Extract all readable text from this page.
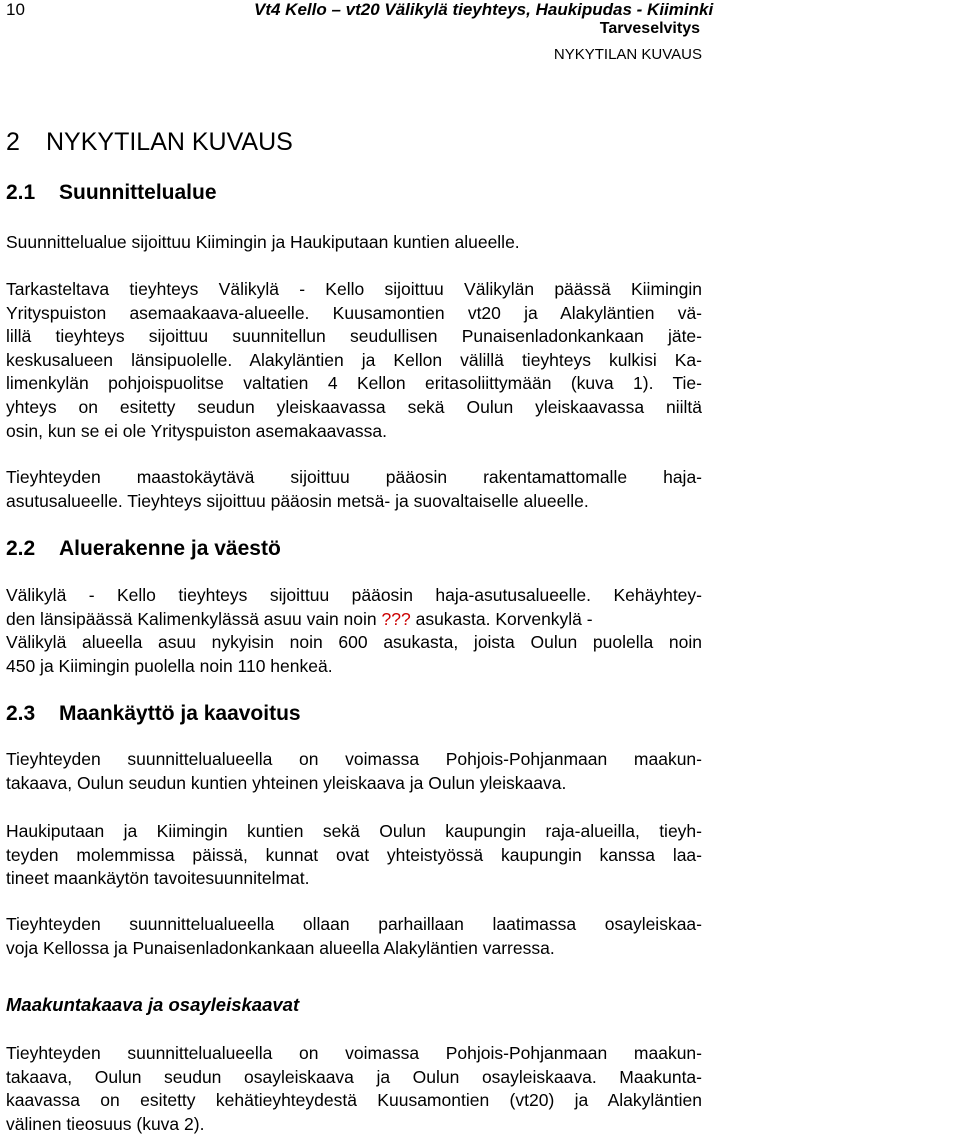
10	Vt4 Kello – vt20 Välikylä tieyhteys, Haukipudas - Kiiminki
Tarveselvitys
NYKYTILAN KUVAUS
2 NYKYTILAN KUVAUS
2.1 Suunnittelualue
Suunnittelualue sijoittuu Kiimingin ja Haukiputaan kuntien alueelle.
Tarkasteltava tieyhteys Välikylä - Kello sijoittuu Välikylän päässä Kiimingin
Yrityspuiston asemaakaava-alueelle. Kuusamontien vt20 ja Alakyläntien vä-
lillä tieyhteys sijoittuu suunnitellun seudullisen Punaisenladonkankaan jäte-
keskusalueen länsipuolelle. Alakyläntien ja Kellon välillä tieyhteys kulkisi Ka-
limenkylän pohjoispuolitse valtatien 4 Kellon eritasoliittymään (kuva 1). Tie-
yhteys on esitetty seudun yleiskaavassa sekä Oulun yleiskaavassa niiltä
osin, kun se ei ole Yrityspuiston asemakaavassa.
Tieyhteyden maastokäytävä sijoittuu pääosin rakentamattomalle haja-
asutusalueelle. Tieyhteys sijoittuu pääosin metsä- ja suovaltaiselle alueelle.
2.2 Aluerakenne ja väestö
Välikylä - Kello tieyhteys sijoittuu pääosin haja-asutusalueelle. Kehäyhtey-
den länsipäässä Kalimenkylässä asuu vain noin ??? asukasta. Korvenkylä -
Välikylä alueella asuu nykyisin noin 600 asukasta, joista Oulun puolella noin
450 ja Kiimingin puolella noin 110 henkeä.
2.3 Maankäyttö ja kaavoitus
Tieyhteyden suunnittelualueella on voimassa Pohjois-Pohjanmaan maakun-
takaava, Oulun seudun kuntien yhteinen yleiskaava ja Oulun yleiskaava.
Haukiputaan ja Kiimingin kuntien sekä Oulun kaupungin raja-alueilla, tieyh-
teyden molemmissa päissä, kunnat ovat yhteistyössä kaupungin kanssa laa-
tineet maankäytön tavoitesuunnitelmat.
Tieyhteyden suunnittelualueella ollaan parhaillaan laatimassa osayleiskaa-
voja Kellossa ja Punaisenladonkankaan alueella Alakyläntien varressa.
Maakuntakaava ja osayleiskaavat
Tieyhteyden suunnittelualueella on voimassa Pohjois-Pohjanmaan maakun-
takaava, Oulun seudun osayleiskaava ja Oulun osayleiskaava. Maakunta-
kaavassa on esitetty kehätieyhteydestä Kuusamontien (vt20) ja Alakyläntien
välinen tieosuus (kuva 2).
